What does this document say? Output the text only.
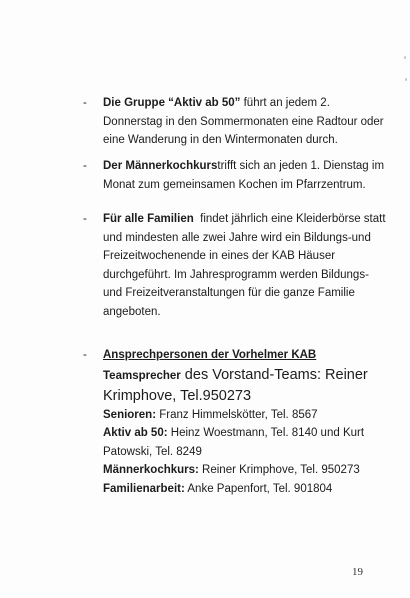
- Die Gruppe “Aktiv ab 50” führt an jedem 2. Donnerstag in den Sommermonaten eine Radtour oder eine Wanderung in den Wintermonaten durch.
- Der Männerkochkurstrifft sich an jeden 1. Dienstag im Monat zum gemeinsamen Kochen im Pfarrzentrum.
- Für alle Familien  findet jährlich eine Kleiderbörse statt und mindesten alle zwei Jahre wird ein Bildungs-und Freizeitwochenende in eines der KAB Häuser durchgeführt. Im Jahresprogramm werden Bildungs- und Freizeitveranstaltungen für die ganze Familie angeboten.
- Ansprechpersonen der Vorhelmer KAB
Teamsprecher des Vorstand-Teams: Reiner Krimphove, Tel.950273
Senioren: Franz Himmelskötter, Tel. 8567
Aktiv ab 50: Heinz Woestmann, Tel. 8140 und Kurt Patowski, Tel. 8249
Männerkochkurs: Reiner Krimphove, Tel. 950273
Familienarbeit: Anke Papenfort, Tel. 901804
19
